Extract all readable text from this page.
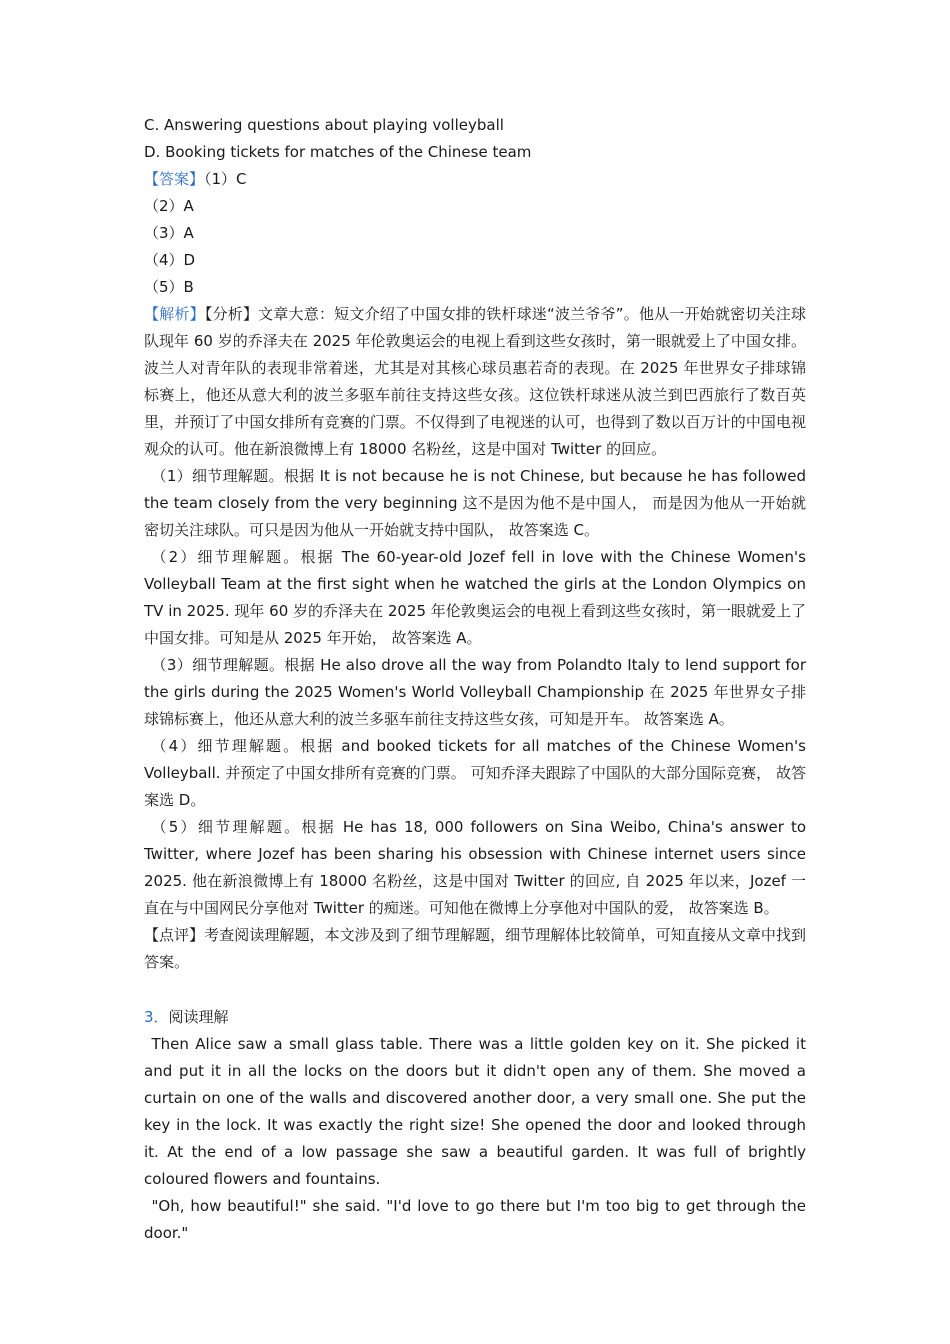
C. Answering questions about playing volleyball

D. Booking tickets for matches of the Chinese team

【答案】（1）C

（2）A

（3）A

（4）D

（5）B

【解析】【分析】文章大意：短文介绍了中国女排的铁杆球迷“波兰爷爷”。他从一开始就密切关注球队现年 60 岁的乔泽夫在 2025 年伦敦奥运会的电视上看到这些女孩时，第一眼就爱上了中国女排。波兰人对青年队的表现非常着迷，尤其是对其核心球员惠若奇的表现。在 2025 年世界女子排球锦标赛上，他还从意大利的波兰多驱车前往支持这些女孩。这位铁杆球迷从波兰到巴西旅行了数百英里，并预订了中国女排所有竞赛的门票。不仅得到了电视迷的认可，也得到了数以百万计的中国电视观众的认可。他在新浪微博上有 18000 名粉丝，这是中国对 Twitter 的回应。

（1）细节理解题。根据 It is not because he is not Chinese, but because he has followed the team closely from the very beginning 这不是因为他不是中国人， 而是因为他从一开始就密切关注球队。可只是因为他从一开始就支持中国队， 故答案选 C。

（2）细节理解题。根据 The 60-year-old Jozef fell in love with the Chinese Women's Volleyball Team at the first sight when he watched the girls at the London Olympics on TV in 2025. 现年 60 岁的乔泽夫在 2025 年伦敦奥运会的电视上看到这些女孩时，第一眼就爱上了中国女排。可知是从 2025 年开始， 故答案选 A。

（3）细节理解题。根据 He also drove all the way from Polandto Italy to lend support for the girls during the 2025 Women's World Volleyball Championship 在 2025 年世界女子排球锦标赛上，他还从意大利的波兰多驱车前往支持这些女孩，可知是开车。 故答案选 A。

（4）细节理解题。根据 and booked tickets for all matches of the Chinese Women's Volleyball. 并预定了中国女排所有竞赛的门票。 可知乔泽夫跟踪了中国队的大部分国际竞赛， 故答案选 D。

（5）细节理解题。根据 He has 18, 000 followers on Sina Weibo, China's answer to Twitter, where Jozef has been sharing his obsession with Chinese internet users since 2025. 他在新浪微博上有 18000 名粉丝，这是中国对 Twitter 的回应, 自 2025 年以来，Jozef 一直在与中国网民分享他对 Twitter 的痴迷。可知他在微博上分享他对中国队的爱， 故答案选 B。

【点评】考查阅读理解题，本文涉及到了细节理解题，细节理解体比较简单，可知直接从文章中找到答案。

3．阅读理解

Then Alice saw a small glass table. There was a little golden key on it. She picked it and put it in all the locks on the doors but it didn't open any of them. She moved a curtain on one of the walls and discovered another door, a very small one. She put the key in the lock. It was exactly the right size! She opened the door and looked through it. At the end of a low passage she saw a beautiful garden. It was full of brightly coloured flowers and fountains.

"Oh, how beautiful!" she said. "I'd love to go there but I'm too big to get through the door."
